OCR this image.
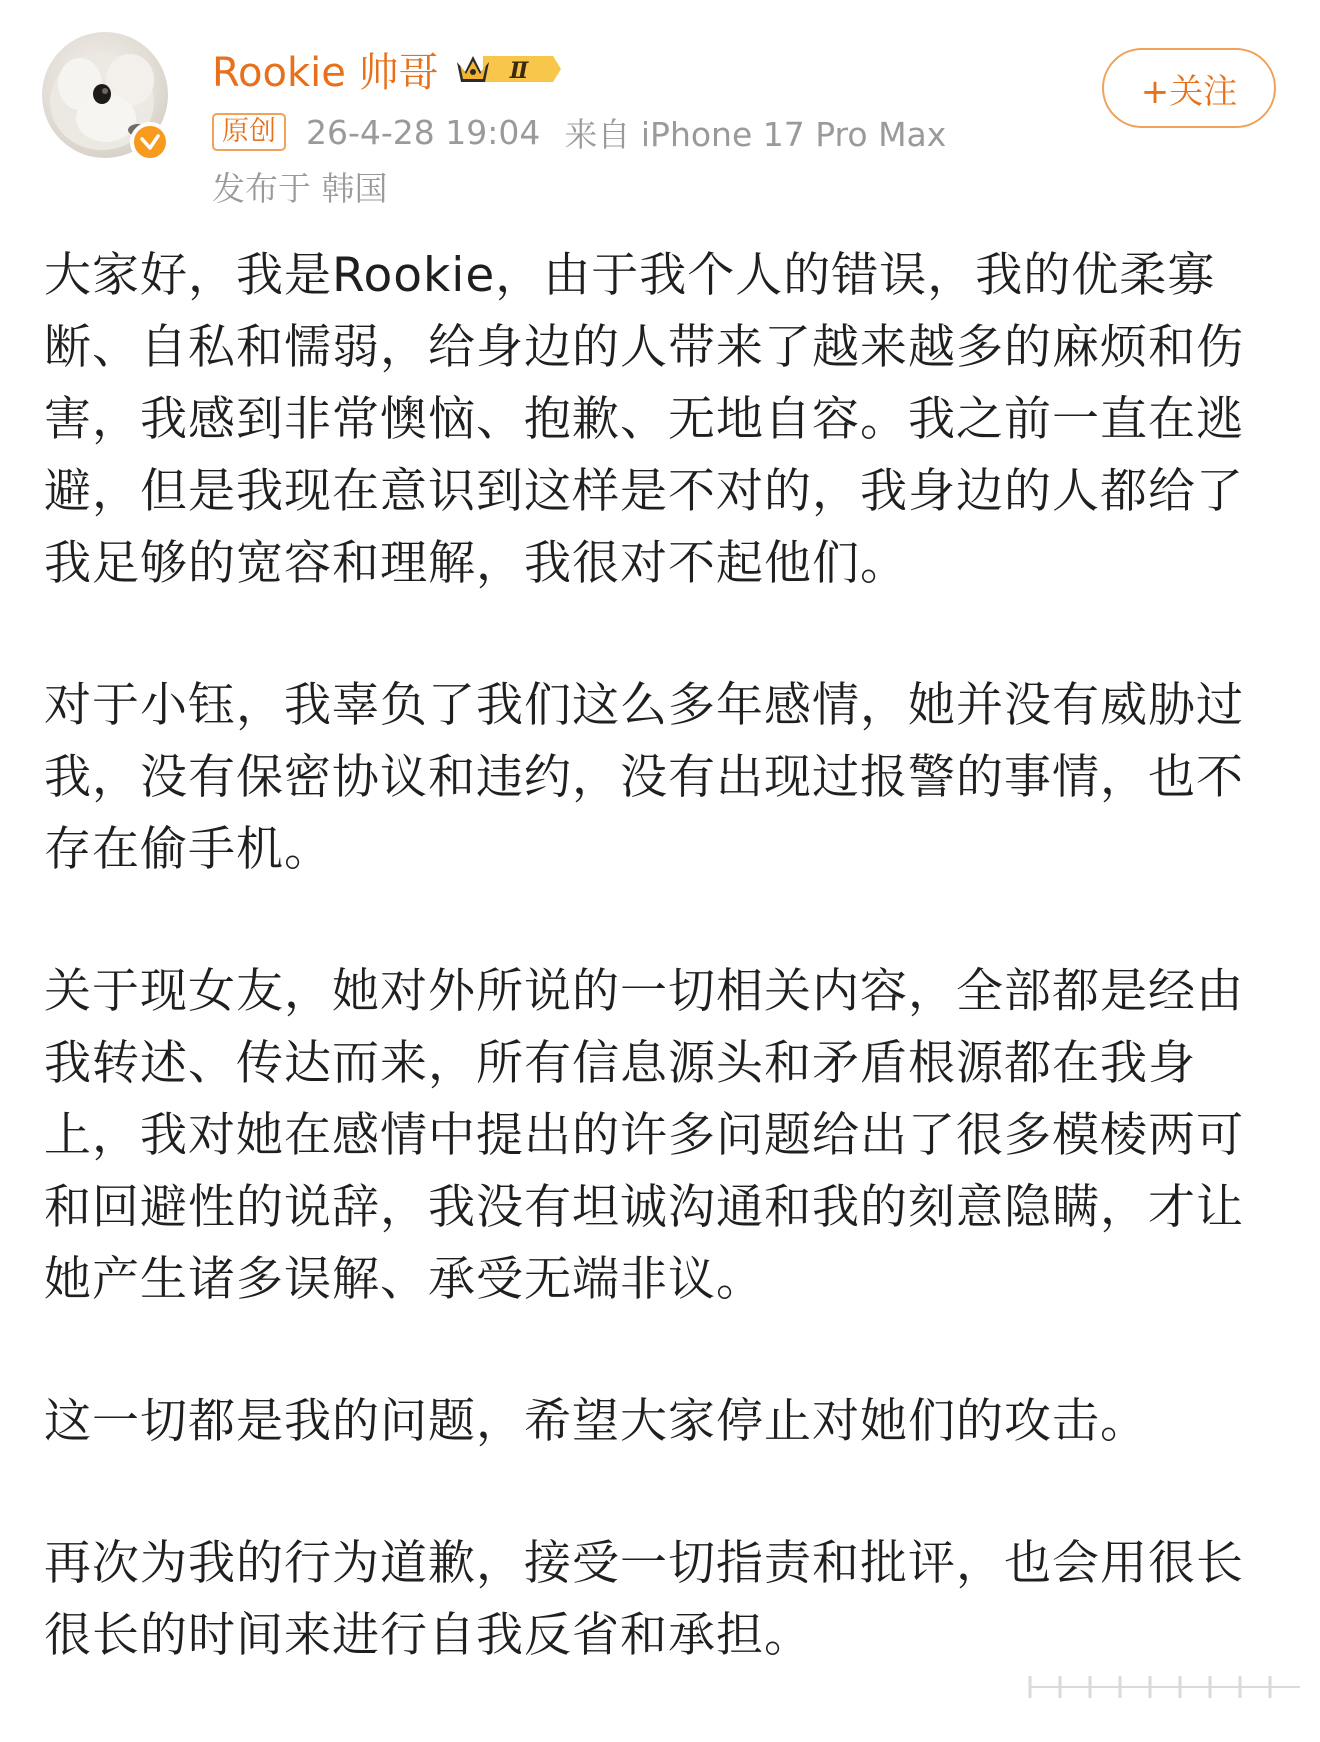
Rookie 帅哥	Ⅱ
原创 26-4-28 19:04 来自 iPhone 17 Pro Max
发布于 韩国
+关注

大家好，我是Rookie，由于我个人的错误，我的优柔寡断、自私和懦弱，给身边的人带来了越来越多的麻烦和伤害，我感到非常懊恼、抱歉、无地自容。我之前一直在逃避，但是我现在意识到这样是不对的，我身边的人都给了我足够的宽容和理解，我很对不起他们。

对于小钰，我辜负了我们这么多年感情，她并没有威胁过我，没有保密协议和违约，没有出现过报警的事情，也不存在偷手机。

关于现女友，她对外所说的一切相关内容，全部都是经由我转述、传达而来，所有信息源头和矛盾根源都在我身上，我对她在感情中提出的许多问题给出了很多模棱两可和回避性的说辞，我没有坦诚沟通和我的刻意隐瞒，才让她产生诸多误解、承受无端非议。

这一切都是我的问题，希望大家停止对她们的攻击。

再次为我的行为道歉，接受一切指责和批评，也会用很长很长的时间来进行自我反省和承担。
